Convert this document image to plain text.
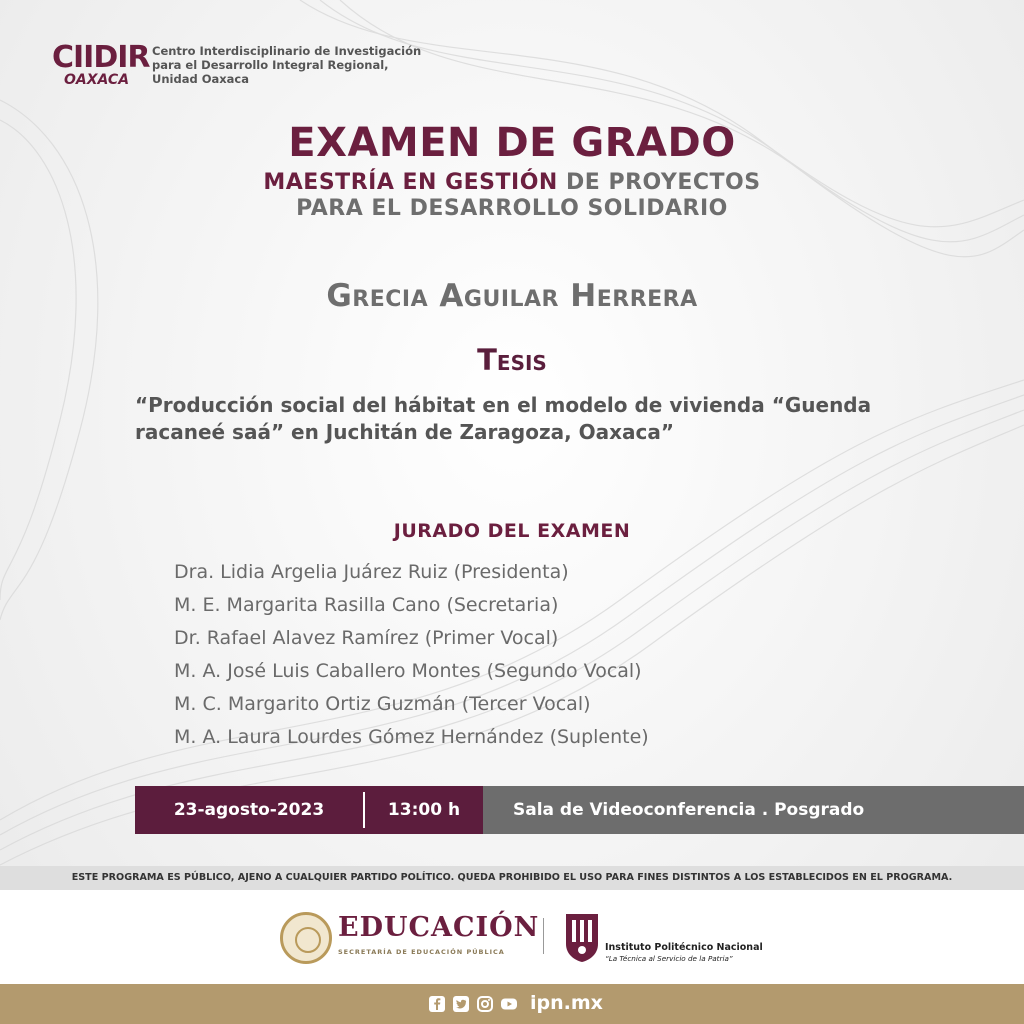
CIIDIR
OAXACA
Centro Interdisciplinario de Investigación
para el Desarrollo Integral Regional,
Unidad Oaxaca
EXAMEN DE GRADO
MAESTRÍA EN GESTIÓN DE PROYECTOS
PARA EL DESARROLLO SOLIDARIO
Grecia Aguilar Herrera
Tesis
“Producción social del hábitat en el modelo de vivienda “Guenda racaneé saá” en Juchitán de Zaragoza, Oaxaca”
JURADO DEL EXAMEN
Dra. Lidia Argelia Juárez Ruiz (Presidenta)
M. E. Margarita Rasilla Cano (Secretaria)
Dr. Rafael Alavez Ramírez (Primer Vocal)
M. A. José Luis Caballero Montes (Segundo Vocal)
M. C. Margarito Ortiz Guzmán (Tercer Vocal)
M. A. Laura Lourdes Gómez Hernández (Suplente)
23-agosto-2023	13:00 h	Sala de Videoconferencia . Posgrado
ESTE PROGRAMA ES PÚBLICO, AJENO A CUALQUIER PARTIDO POLÍTICO. QUEDA PROHIBIDO EL USO PARA FINES DISTINTOS A LOS ESTABLECIDOS EN EL PROGRAMA.
EDUCACIÓN
SECRETARÍA DE EDUCACIÓN PÚBLICA	Instituto Politécnico Nacional
“La Técnica al Servicio de la Patria”
ipn.mx
